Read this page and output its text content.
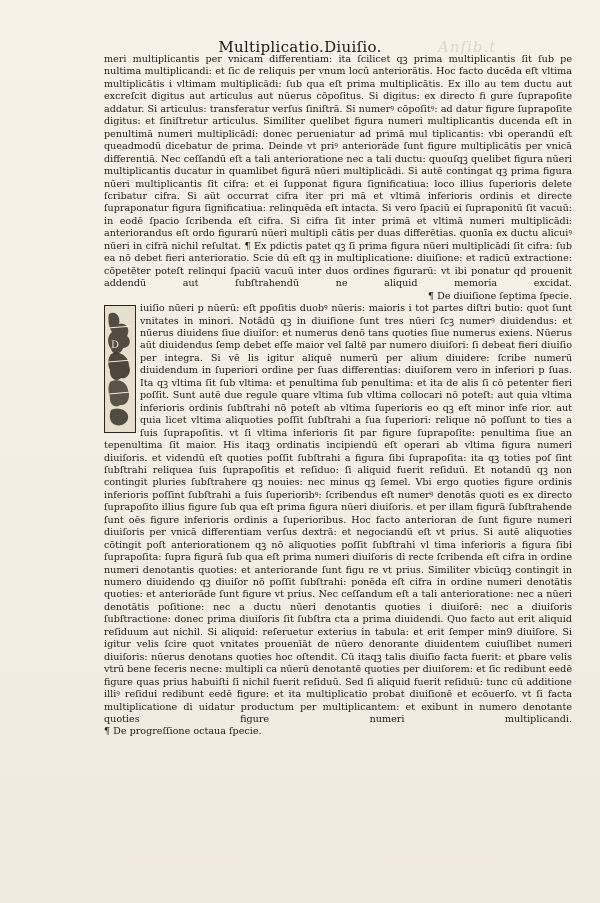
Anſib.t
Multiplicatio.Diuiſio.

meri multiplicantis per vnicam differentiam: ita ſcilicet qꝫ prima multiplicantis ſit ſub pe nultima multiplicandi: et ſic de reliquis per vnum locū anteriorātis. Hoc facto ducēda eſt vltima multiplicātis i vltimam multiplicādi: ſub qua eſt prima multiplicātis. Ex illo au tem ductu aut excreſcit digitus aut articulus aut nūerus cōpoſitus. Si digitus: ex directo fi gure ſuprapoſite addatur. Si articulus: transferatur verſus ſiniſtrā. Si numerꝰ cōpoſitꝰ: ad datur figure ſuprapoſite digitus: et ſiniſtretur articulus. Similiter quelibet figura numeri multiplicantis ducenda eſt in penultimā numeri multiplicādi: donec perueniatur ad primā mul tiplicantis: vbi operandū eſt queadmodū dicebatur de prima. Deinde vt priꝰ anterioräde ſunt figure multiplicātis per vnicā differentiā. Nec ceſſandū eſt a tali anterioratione nec a tali ductu: quouſqꝫ quelibet figura nūeri multiplicantis ducatur in quamlibet figurā nūeri multiplicādi. Si autē contingat qꝫ prima figura nūeri multiplicantis ſit cifra: et ei ſupponat figura ſignificatiua: loco illius ſuperioris delete ſcribatur cifra. Si aūt occurrat cifra iter pri mā et vltimā inferioris ordinis et directe ſupraponatur figura ſignificatiua: relinquēda eſt intacta. Si vero ſpaciū ei ſupraponitū ſit vacuū: in eodē ſpacio ſcribenda eſt cifra. Si cifra ſit inter primā et vltimā numeri multiplicādi: anteriorandus eſt ordo figurarū nūeri multipli cātis per duas differētias. quonīa ex ductu alicuiꝰ nūeri in cifrā nichil reſultat. ¶ Ex pdictis patet qꝫ ſi prima figura nūeri multiplicādi ſit cifra: ſub ea nō debet fieri anterioratio. Scie dū eſt qꝫ in multiplicatione: diuiſione: et radicū extractione: cōpetēter poteſt relinqui ſpaciū vacuū inter duos ordines figurarū: vt ibi ponatur qd prouenit addendū aut ſubſtrahendū ne aliquid memoria excidat.

¶ De diuiſione ſeptima ſpecie.

D

iuiſio nūeri p nūerū: eſt ꝑpoſitis duobꝰ nūeris: maioris i tot partes diſtri butio: quot ſunt vnitates in minori. Notādū qꝫ in diuiſione ſunt tres nūeri ſcꝫ numerꝰ diuidendus: et nūerus diuidens ſiue diuiſor: et numerus denō tans quoties ſiue numerus exiens. Nūerus aūt diuidendus ſemp debet eſſe maior vel ſaltē par numero diuiſori: ſi debeat fieri diuiſio per integra. Si vē lis igitur aliquē numerū per alium diuidere: ſcribe numerū diuidendum in ſuperiori ordine per ſuas differentias: diuiſorem vero in inferiori p ſuas. Ita qꝫ vltima ſit ſub vltima: et penultima ſub penultima: et ita de alis ſi cō petenter fieri poſſit. Sunt autē due regule quare vltima ſub vltima collocari nō poteſt: aut quia vltima inferioris ordinis ſubſtrahi nō poteſt ab vltima ſuperioris eo qꝫ eſt minor infe rior. aut quia licet vltima aliquoties poſſit ſubſtrahi a ſua ſuperiori: relique nō poſſunt to ties a ſuis ſuprapoſitis. vt ſi vltima inferioris ſit par figure ſuprapoſite: penultima ſiue an tepenultima ſit maior. His itaqꝫ ordinatis incipiendū eſt operari ab vltima figura numeri diuiſoris. et videndū eſt quoties poſſit ſubſtrahi a figura ſibi ſuprapoſita: ita qꝫ toties poſ ſint ſubſtrahi reliquea ſuis ſuprapoſitis et reſiduo: ſi aliquid fuerit reſiduū. Et notandū qꝫ non contingit pluries ſubſtrahere qꝫ nouies: nec minus qꝫ ſemel. Vbi ergo quoties figure ordinis inferioris poſſint ſubſtrahi a ſuis ſuperioribꝰ: ſcribendus eſt numerꝰ denotās quoti es ex directo ſuprapoſito illius figure ſub qua eſt prima figura nūeri diuiſoris. et per illam figurā ſubſtrahende ſunt oēs figure inferioris ordinis a ſuperioribus. Hoc facto anterioran de ſunt figure numeri diuiſoris per vnicā differentiam verſus dextrā: et negociandū eſt vt prius. Si autē aliquoties cōtingit poſt anteriorationem qꝫ nō aliquoties poſſit ſubſtrahi vl tima inferioris a figura ſibi ſuprapoſita: ſupra figurā ſub qua eſt prima numeri diuiſoris di recte ſcribenda eſt cifra in ordine numeri denotantis quoties: et anteriorande ſunt figu re vt prius. Similiter vbicūqꝫ contingit in numero diuidendo qꝫ diuiſor nō poſſit ſubſtrahi: ponēda eſt cifra in ordine numeri denotātis quoties: et anteriorāde ſunt figure vt prius. Nec ceſſandum eſt a tali anterioratione: nec a nūeri denotātis poſitione: nec a ductu nūeri denotantis quoties i diuiſorē: nec a diuiſoris ſubſtractione: donec prima diuiſoris ſit ſubſtra cta a prima diuidendi. Quo facto aut erit aliquid reſiduum aut nichil. Si aliquid: reſeruetur exterius in tabula: et erit ſemper min9 diuiſore. Si igitur velis ſcire quot vnitates prouenīāt de nūero denorante diuidentem cuiuſlibet numeri diuiſoris: nūerus denotans quoties hoc oſtendit. Cū itaqꝫ talis diuiſio facta fuerit: et ꝑbare velis vtrū bene feceris necne: multipli ca nūerū denotantē quoties per diuiſorem: et ſic redibunt eedē figure quas prius habuiſti ſi nichil fuerit reſiduū. Sed ſi aliquid fuerit reſiduū: tunc cū additione illiꝰ reſidui redibunt eedē figure: et ita multiplicatio probat diuiſionē et ecōuerſo. vt ſi facta multiplicatione di uidatur productum per multiplicantem: et exibunt in numero denotante quoties figure numeri multiplicandi.

¶ De progreſſione octaua ſpecie.
